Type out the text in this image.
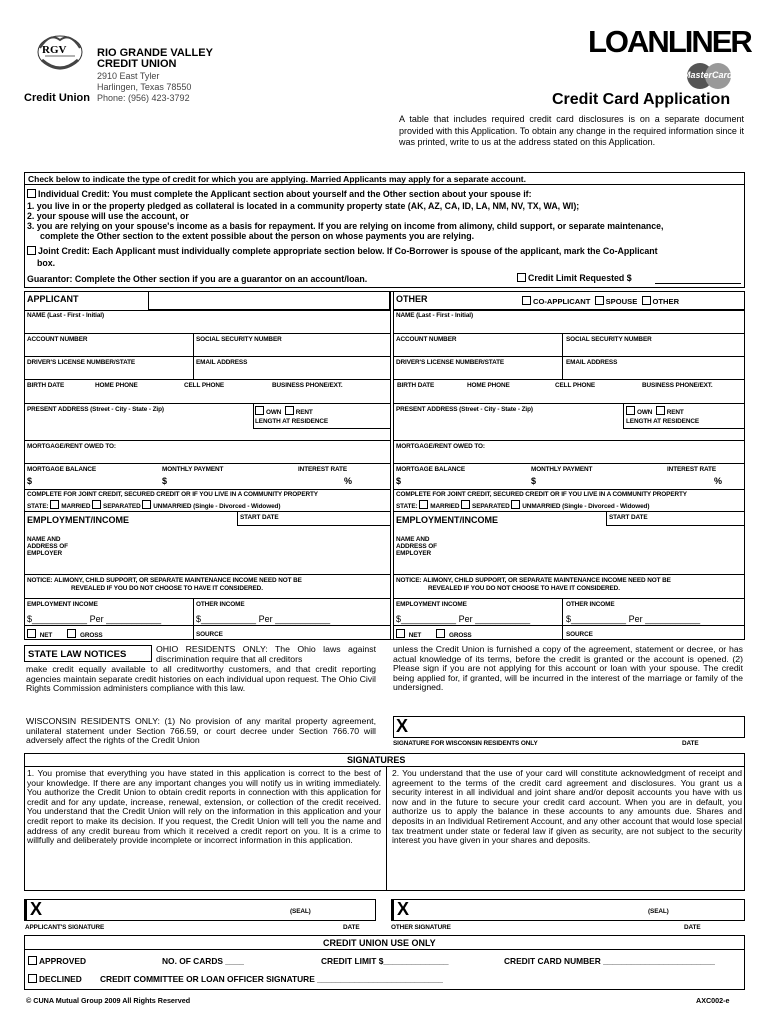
RGV
Credit Union
RIO GRANDE VALLEY
CREDIT UNION
2910 East Tyler
Harlingen, Texas 78550
Phone: (956) 423-3792
LOANLINER
MasterCard
Credit Card Application
A table that includes required credit card disclosures is on a separate document provided with this Application. To obtain any change in the required information since it was printed, write to us at the address stated on this Application.
Check below to indicate the type of credit for which you are applying. Married Applicants may apply for a separate account.
Individual Credit: You must complete the Applicant section about yourself and the Other section about your spouse if:
1. you live in or the property pledged as collateral is located in a community property state (AK, AZ, CA, ID, LA, NM, NV, TX, WA, WI);
2. your spouse will use the account, or
3. you are relying on your spouse's income as a basis for repayment. If you are relying on income from alimony, child support, or separate maintenance,
complete the Other section to the extent possible about the person on whose payments you are relying.
Joint Credit: Each Applicant must individually complete appropriate section below. If Co-Borrower is spouse of the applicant, mark the Co-Applicant
box.
Guarantor: Complete the Other section if you are a guarantor on an account/loan.	Credit Limit Requested $
APPLICANT	OTHER	CO-APPLICANT SPOUSE OTHER
NAME (Last - First - Initial)
ACCOUNT NUMBER	SOCIAL SECURITY NUMBER
DRIVER'S LICENSE NUMBER/STATE	EMAIL ADDRESS
BIRTH DATE	HOME PHONE	CELL PHONE	BUSINESS PHONE/EXT.
PRESENT ADDRESS (Street - City - State - Zip)	OWN RENT
LENGTH AT RESIDENCE
MORTGAGE/RENT OWED TO:
MORTGAGE BALANCE	MONTHLY PAYMENT	INTEREST RATE
$	$	%
COMPLETE FOR JOINT CREDIT, SECURED CREDIT OR IF YOU LIVE IN A COMMUNITY PROPERTY
STATE: MARRIED SEPARATED UNMARRIED (Single - Divorced - Widowed)
EMPLOYMENT/INCOME	START DATE
NAME AND
ADDRESS OF
EMPLOYER
NOTICE: ALIMONY, CHILD SUPPORT, OR SEPARATE MAINTENANCE INCOME NEED NOT BE
REVEALED IF YOU DO NOT CHOOSE TO HAVE IT CONSIDERED.
EMPLOYMENT INCOME	OTHER INCOME
$___________ Per ___________	$___________ Per ___________
NET	GROSS	SOURCE
NAME (Last - First - Initial)
ACCOUNT NUMBER	SOCIAL SECURITY NUMBER
DRIVER'S LICENSE NUMBER/STATE	EMAIL ADDRESS
BIRTH DATE	HOME PHONE	CELL PHONE	BUSINESS PHONE/EXT.
PRESENT ADDRESS (Street - City - State - Zip)	OWN RENT
LENGTH AT RESIDENCE
MORTGAGE/RENT OWED TO:
MORTGAGE BALANCE	MONTHLY PAYMENT	INTEREST RATE
$	$	%
COMPLETE FOR JOINT CREDIT, SECURED CREDIT OR IF YOU LIVE IN A COMMUNITY PROPERTY
STATE: MARRIED SEPARATED UNMARRIED (Single - Divorced - Widowed)
EMPLOYMENT/INCOME	START DATE
NAME AND
ADDRESS OF
EMPLOYER
NOTICE: ALIMONY, CHILD SUPPORT, OR SEPARATE MAINTENANCE INCOME NEED NOT BE
REVEALED IF YOU DO NOT CHOOSE TO HAVE IT CONSIDERED.
EMPLOYMENT INCOME	OTHER INCOME
$___________ Per ___________	$___________ Per ___________
NET	GROSS	SOURCE
STATE LAW NOTICES	OHIO RESIDENTS ONLY: The Ohio laws against discrimination require that all creditors
make credit equally available to all creditworthy customers, and that credit reporting agencies maintain separate credit histories on each individual upon request. The Ohio Civil Rights Commission administers compliance with this law.
WISCONSIN RESIDENTS ONLY: (1) No provision of any marital property agreement, unilateral statement under Section 766.59, or court decree under Section 766.70 will adversely affect the rights of the Credit Union
unless the Credit Union is furnished a copy of the agreement, statement or decree, or has actual knowledge of its terms, before the credit is granted or the account is opened. (2) Please sign if you are not applying for this account or loan with your spouse. The credit being applied for, if granted, will be incurred in the interest of the marriage or family of the undersigned.
X
SIGNATURE FOR WISCONSIN RESIDENTS ONLY	DATE
SIGNATURES
1. You promise that everything you have stated in this application is correct to the best of your knowledge. If there are any important changes you will notify us in writing immediately. You authorize the Credit Union to obtain credit reports in connection with this application for credit and for any update, increase, renewal, extension, or collection of the credit received. You understand that the Credit Union will rely on the information in this application and your credit report to make its decision. If you request, the Credit Union will tell you the name and address of any credit bureau from which it received a credit report on you. It is a crime to willfully and deliberately provide incomplete or incorrect information in this application.
2. You understand that the use of your card will constitute acknowledgment of receipt and agreement to the terms of the credit card agreement and disclosures. You grant us a security interest in all individual and joint share and/or deposit accounts you have with us now and in the future to secure your credit card account. When you are in default, you authorize us to apply the balance in these accounts to any amounts due. Shares and deposits in an Individual Retirement Account, and any other account that would lose special tax treatment under state or federal law if given as security, are not subject to the security interest you have given in your shares and deposits.
X	(SEAL)
APPLICANT'S SIGNATURE	DATE
X	(SEAL)
OTHER SIGNATURE	DATE
CREDIT UNION USE ONLY
APPROVED	NO. OF CARDS ____	CREDIT LIMIT $______________	CREDIT CARD NUMBER ________________________
DECLINED CREDIT COMMITTEE OR LOAN OFFICER SIGNATURE ___________________________
© CUNA Mutual Group 2009 All Rights Reserved	AXC002-e
